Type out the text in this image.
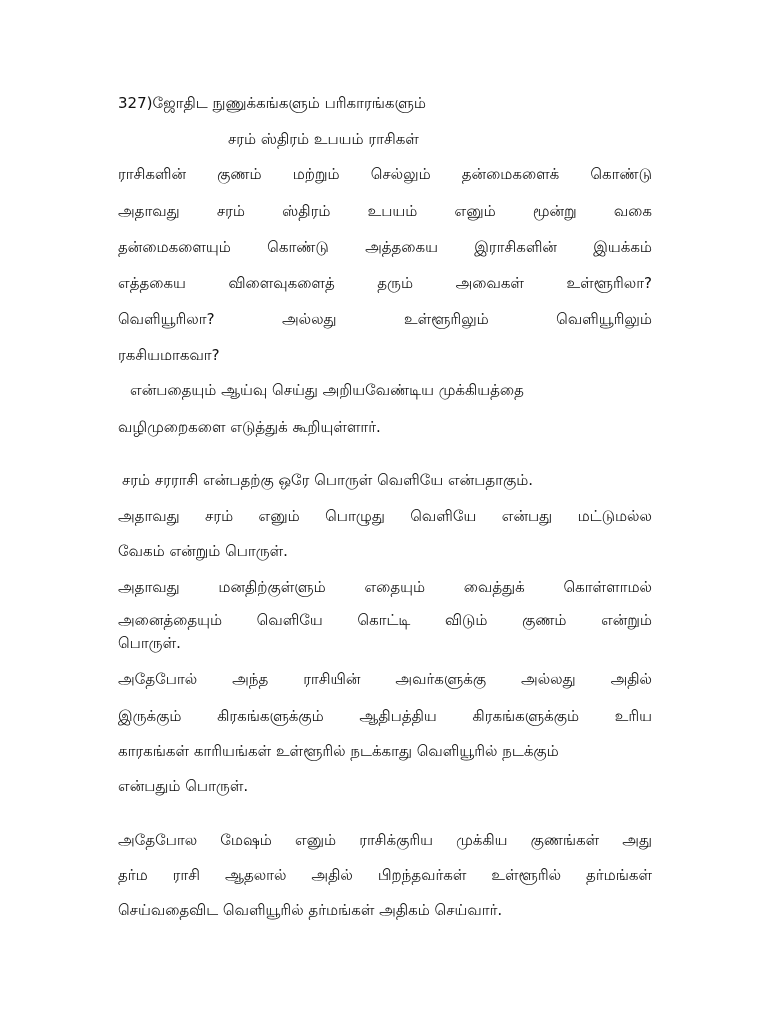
327)ஜோதிட நுணுக்கங்களும் பரிகாரங்களும்
சரம் ஸ்திரம் உபயம் ராசிகள்
ராசிகளின் குணம் மற்றும் செல்லும் தன்மைகளைக் கொண்டு
அதாவது சரம் ஸ்திரம் உபயம் எனும் மூன்று வகை
தன்மைகளையும் கொண்டு அத்தகைய இராசிகளின் இயக்கம்
எத்தகைய	விளைவுகளைத்	தரும்	அவைகள்	உள்ளூரிலா?
வெளியூரிலா?	அல்லது	உள்ளூரிலும்	வெளியூரிலும்
ரகசியமாகவா?
என்பதையும் ஆய்வு செய்து அறியவேண்டிய முக்கியத்தை
வழிமுறைகளை எடுத்துக் கூறியுள்ளார்.
சரம் சரராசி என்பதற்கு ஒரே பொருள் வெளியே என்பதாகும்.
அதாவது சரம் எனும் பொழுது வெளியே என்பது மட்டுமல்ல
வேகம் என்றும் பொருள்.
அதாவது	மனதிற்குள்ளும்	எதையும்	வைத்துக்	கொள்ளாமல்
அனைத்தையும் வெளியே கொட்டி விடும் குணம் என்றும்
பொருள்.
அதேபோல் அந்த ராசியின் அவர்களுக்கு அல்லது அதில்
இருக்கும் கிரகங்களுக்கும் ஆதிபத்திய கிரகங்களுக்கும் உரிய
காரகங்கள் காரியங்கள் உள்ளூரில் நடக்காது வெளியூரில் நடக்கும்
என்பதும் பொருள்.
அதேபோல மேஷம் எனும் ராசிக்குரிய முக்கிய குணங்கள் அது
தர்ம ராசி ஆதலால் அதில் பிறந்தவர்கள் உள்ளூரில் தர்மங்கள்
செய்வதைவிட வெளியூரில் தர்மங்கள் அதிகம் செய்வார்.
